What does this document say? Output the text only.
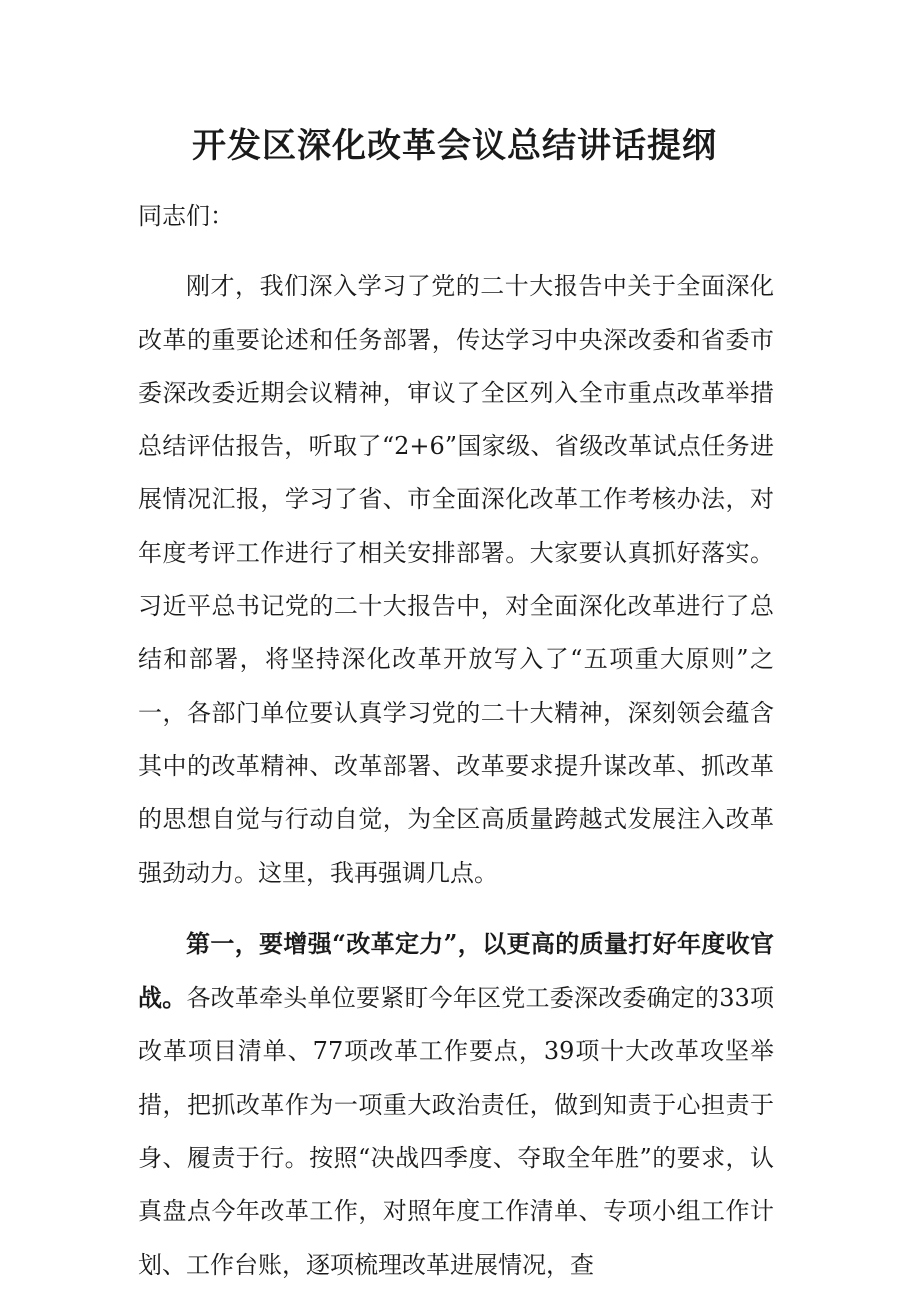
开发区深化改革会议总结讲话提纲

同志们：

刚才，我们深入学习了党的二十大报告中关于全面深化改革的重要论述和任务部署，传达学习中央深改委和省委市委深改委近期会议精神，审议了全区列入全市重点改革举措总结评估报告，听取了“2+6”国家级、省级改革试点任务进展情况汇报，学习了省、市全面深化改革工作考核办法，对年度考评工作进行了相关安排部署。大家要认真抓好落实。习近平总书记党的二十大报告中，对全面深化改革进行了总结和部署，将坚持深化改革开放写入了“五项重大原则”之一，各部门单位要认真学习党的二十大精神，深刻领会蕴含其中的改革精神、改革部署、改革要求提升谋改革、抓改革的思想自觉与行动自觉，为全区高质量跨越式发展注入改革强劲动力。这里，我再强调几点。

第一，要增强“改革定力”，以更高的质量打好年度收官战。各改革牵头单位要紧盯今年区党工委深改委确定的33项改革项目清单、77项改革工作要点，39项十大改革攻坚举措，把抓改革作为一项重大政治责任，做到知责于心担责于身、履责于行。按照“决战四季度、夺取全年胜”的要求，认真盘点今年改革工作，对照年度工作清单、专项小组工作计划、工作台账，逐项梳理改革进展情况，查
